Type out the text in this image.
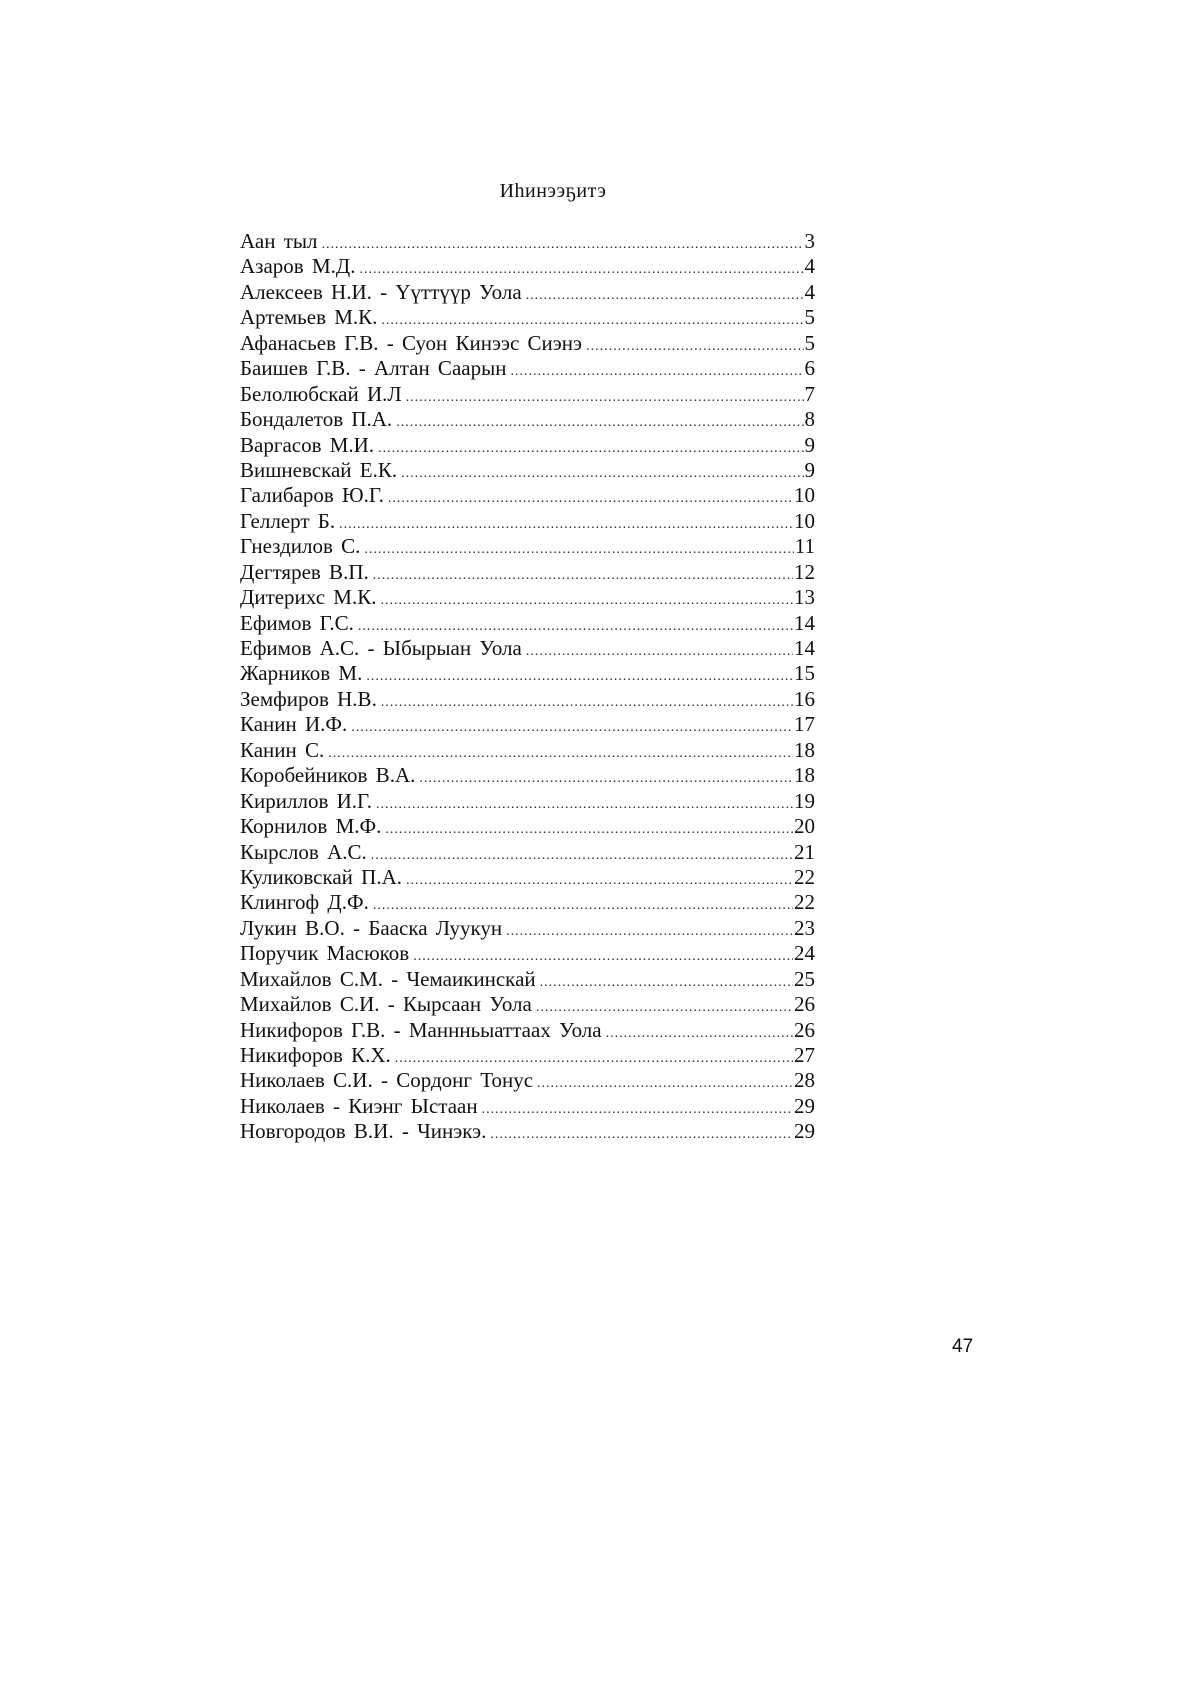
Иһинээҕитэ
Аан тыл .....	3
Азаров М.Д. .....	4
Алексеев Н.И. - Үүттүүр Уола .....	4
Артемьев М.К. .....	5
Афанасьев Г.В. - Суон Кинээс Сиэнэ .....	5
Баишев Г.В. - Алтан Саарын .....	6
Белолюбскай И.Л .....	7
Бондалетов П.А. .....	8
Варгасов М.И. .....	9
Вишневскай Е.К. .....	9
Галибаров Ю.Г. .....	10
Геллерт Б. .....	10
Гнездилов С. .....	11
Дегтярев В.П. .....	12
Дитерихс М.К. .....	13
Ефимов Г.С. .....	14
Ефимов А.С. - Ыбырыан Уола .....	14
Жарников М. .....	15
Земфиров Н.В. .....	16
Канин И.Ф. .....	17
Канин С. .....	18
Коробейников В.А. .....	18
Кириллов И.Г. .....	19
Корнилов М.Ф. .....	20
Кырслов А.С. .....	21
Куликовскай П.А. .....	22
Клингоф Д.Ф. .....	22
Лукин В.О. - Бааска Луукун .....	23
Поручик Масюков .....	24
Михайлов С.М. - Чемаикинскай .....	25
Михайлов С.И. - Кырсаан Уола .....	26
Никифоров Г.В. - Маннньыаттаах Уола .....	26
Никифоров К.Х. .....	27
Николаев С.И. - Сордонг Тонус .....	28
Николаев - Киэнг Ыстаан .....	29
Новгородов В.И. - Чинэкэ. .....	29
47
